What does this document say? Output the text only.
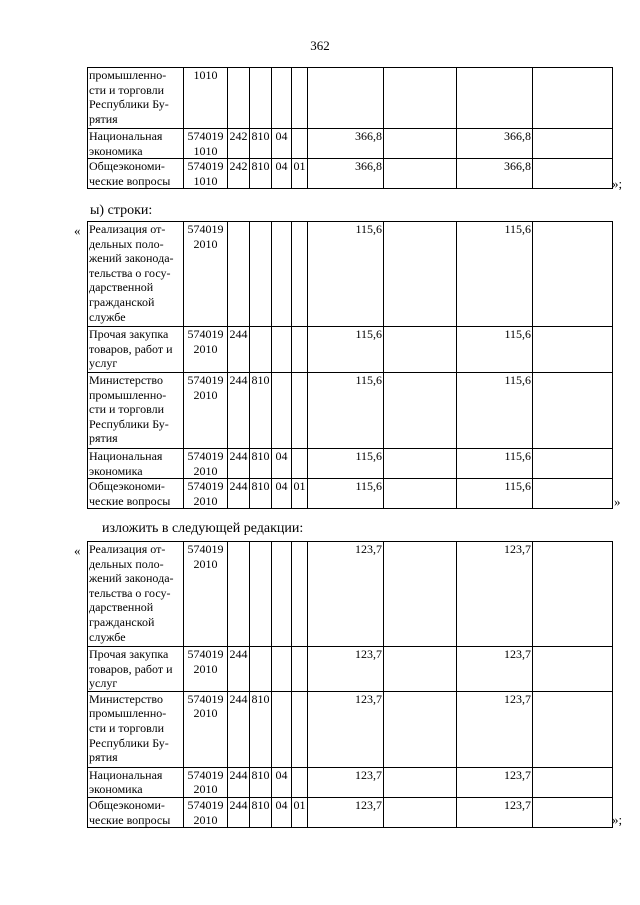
362
промышленно-сти и торговли Республики Бу-рятия	1010								
Национальная экономика	574019 1010	242	810	04		366,8		366,8	
Общеэкономи-ческие вопросы	574019 1010	242	810	04	01	366,8		366,8	
»;
ы) строки:
« Реализация от-дельных поло-жений законода-тельства о госу-дарственной гражданской службе	574019 2010					115,6		115,6	
Прочая закупка товаров, работ и услуг	574019 2010	244				115,6		115,6	
Министерство промышленно-сти и торговли Республики Бу-рятия	574019 2010	244	810			115,6		115,6	
Национальная экономика	574019 2010	244	810	04		115,6		115,6	
Общеэкономи-ческие вопросы	574019 2010	244	810	04	01	115,6		115,6	
»
изложить в следующей редакции:
« Реализация от-дельных поло-жений законода-тельства о госу-дарственной гражданской службе	574019 2010					123,7		123,7	
Прочая закупка товаров, работ и услуг	574019 2010	244				123,7		123,7	
Министерство промышленно-сти и торговли Республики Бу-рятия	574019 2010	244	810			123,7		123,7	
Национальная экономика	574019 2010	244	810	04		123,7		123,7	
Общеэкономи-ческие вопросы	574019 2010	244	810	04	01	123,7		123,7	
»;
